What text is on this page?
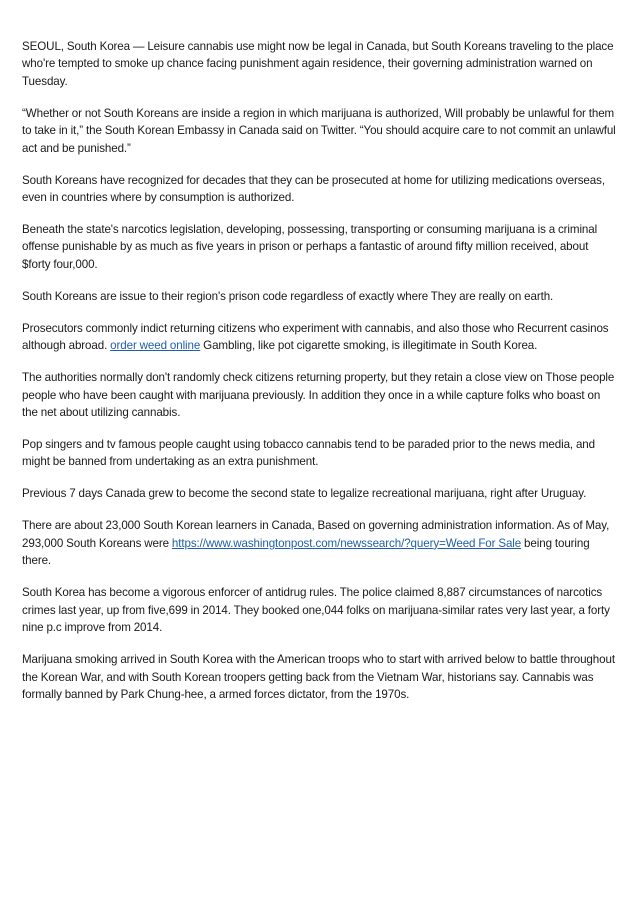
SEOUL, South Korea — Leisure cannabis use might now be legal in Canada, but South Koreans traveling to the place who're tempted to smoke up chance facing punishment again residence, their governing administration warned on Tuesday.

“Whether or not South Koreans are inside a region in which marijuana is authorized, Will probably be unlawful for them to take in it,” the South Korean Embassy in Canada said on Twitter. “You should acquire care to not commit an unlawful act and be punished.”

South Koreans have recognized for decades that they can be prosecuted at home for utilizing medications overseas, even in countries where by consumption is authorized.

Beneath the state's narcotics legislation, developing, possessing, transporting or consuming marijuana is a criminal offense punishable by as much as five years in prison or perhaps a fantastic of around fifty million received, about $forty four,000.

South Koreans are issue to their region's prison code regardless of exactly where They are really on earth.

Prosecutors commonly indict returning citizens who experiment with cannabis, and also those who Recurrent casinos although abroad. order weed online Gambling, like pot cigarette smoking, is illegitimate in South Korea.

The authorities normally don't randomly check citizens returning property, but they retain a close view on Those people people who have been caught with marijuana previously. In addition they once in a while capture folks who boast on the net about utilizing cannabis.

Pop singers and tv famous people caught using tobacco cannabis tend to be paraded prior to the news media, and might be banned from undertaking as an extra punishment.

Previous 7 days Canada grew to become the second state to legalize recreational marijuana, right after Uruguay.

There are about 23,000 South Korean learners in Canada, Based on governing administration information. As of May, 293,000 South Koreans were https://www.washingtonpost.com/newssearch/?query=Weed For Sale being touring there.

South Korea has become a vigorous enforcer of antidrug rules. The police claimed 8,887 circumstances of narcotics crimes last year, up from five,699 in 2014. They booked one,044 folks on marijuana-similar rates very last year, a forty nine p.c improve from 2014.

Marijuana smoking arrived in South Korea with the American troops who to start with arrived below to battle throughout the Korean War, and with South Korean troopers getting back from the Vietnam War, historians say. Cannabis was formally banned by Park Chung-hee, a armed forces dictator, from the 1970s.
